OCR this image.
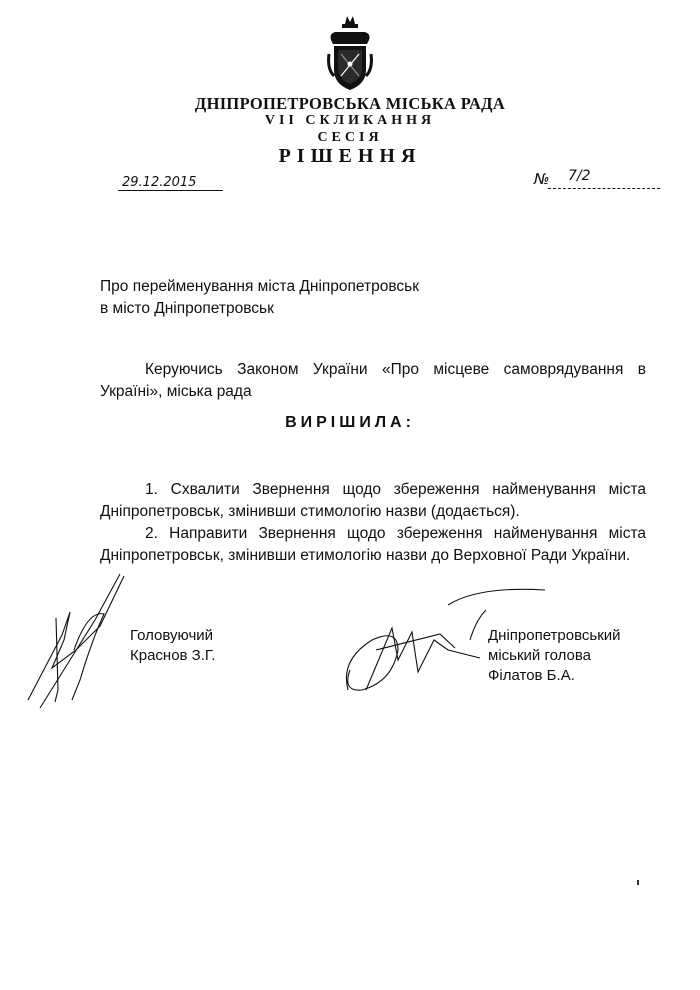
ДНІПРОПЕТРОВСЬКА МІСЬКА РАДА
VII СКЛИКАННЯ
СЕСІЯ
РІШЕННЯ
29.12.2015	№ 7/2
Про перейменування міста Дніпропетровськ
в місто Дніпропетровськ
Керуючись Законом України «Про місцеве самоврядування в Україні», міська рада
ВИРІШИЛА:
1. Схвалити Звернення щодо збереження найменування міста Дніпропетровськ, змінивши стимологію назви (додається).
2. Направити Звернення щодо збереження найменування міста Дніпропетровськ, змінивши етимологію назви до Верховної Ради України.
Головуючий
Краснов З.Г.
Дніпропетровський
міський голова
Філатов Б.А.
